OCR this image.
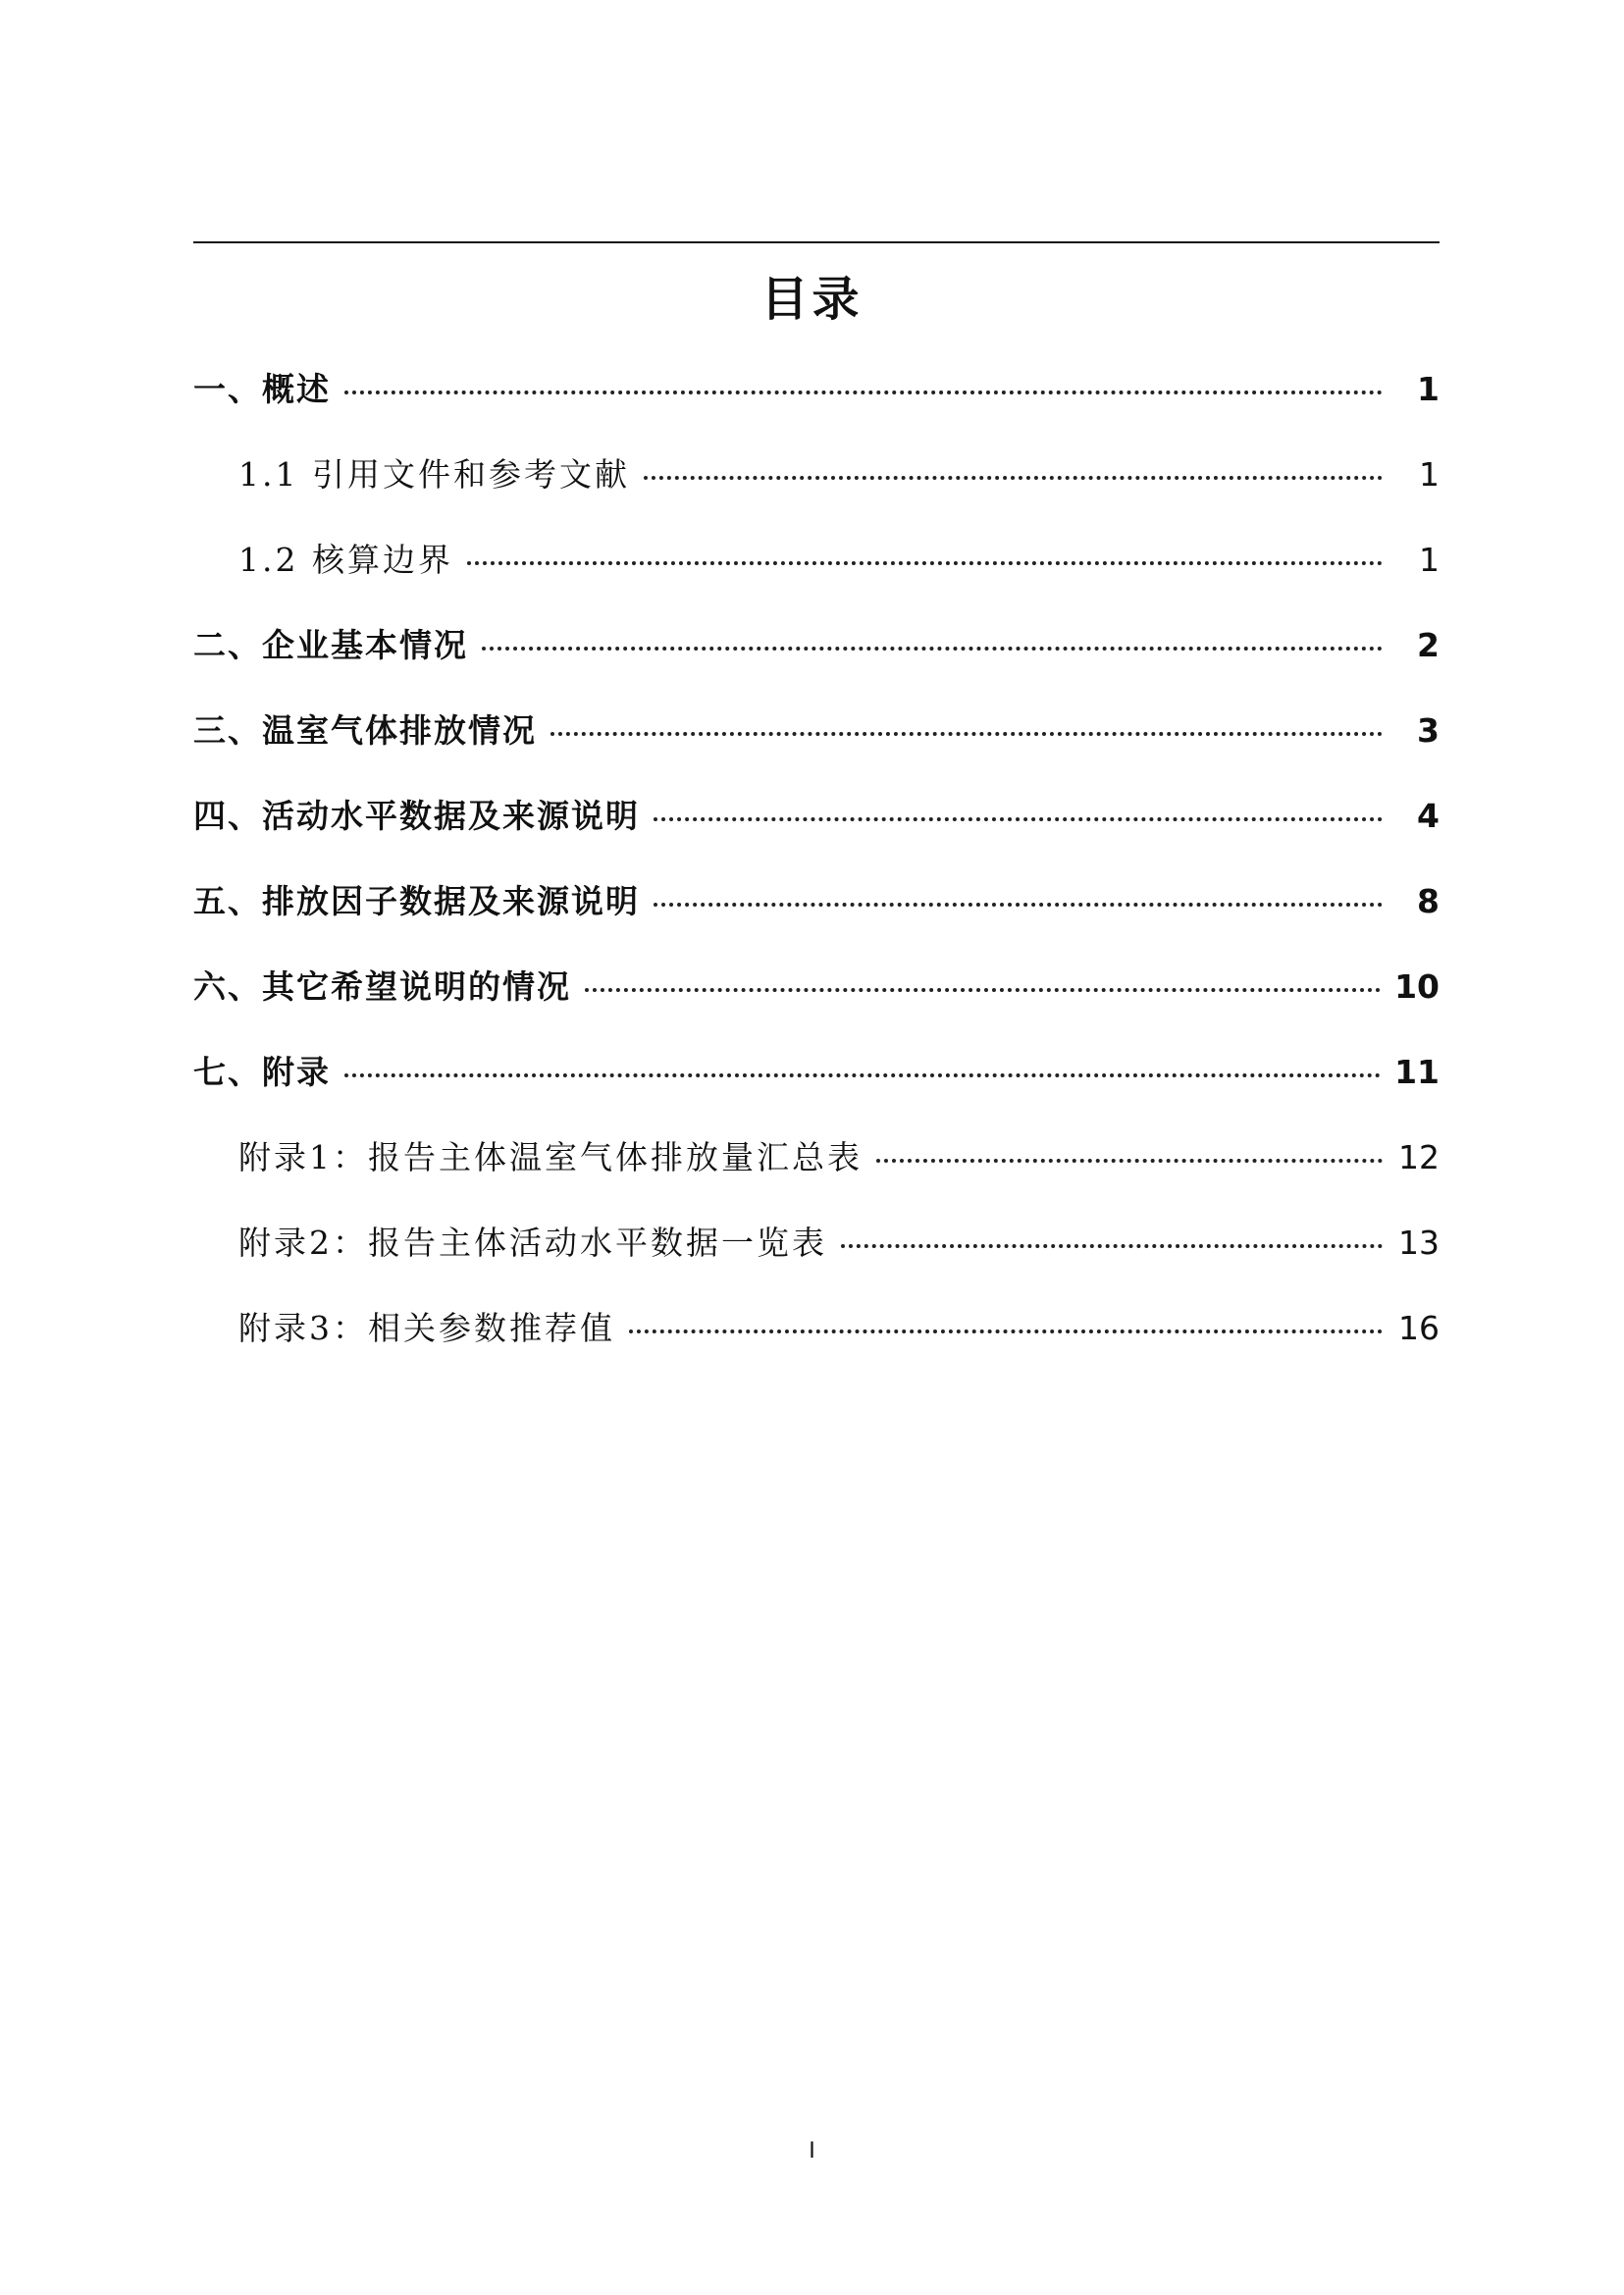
目录
一、概述	1
1.1 引用文件和参考文献	1
1.2 核算边界	1
二、企业基本情况	2
三、温室气体排放情况	3
四、活动水平数据及来源说明	4
五、排放因子数据及来源说明	8
六、其它希望说明的情况	10
七、附录	11
附录1：报告主体温室气体排放量汇总表	12
附录2：报告主体活动水平数据一览表	13
附录3：相关参数推荐值	16
I
